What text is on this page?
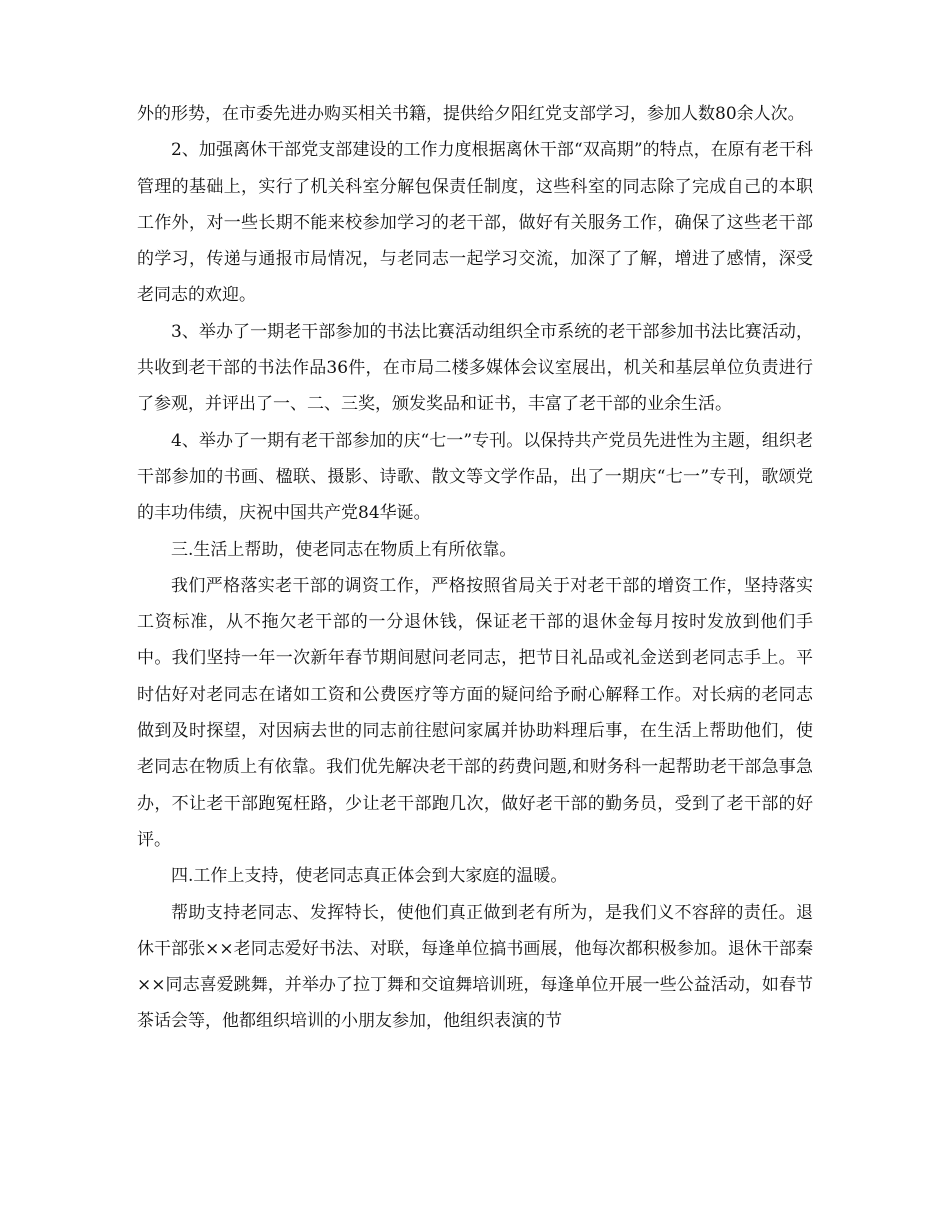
外的形势，在市委先进办购买相关书籍，提供给夕阳红党支部学习，参加人数80余人次。

2、加强离休干部党支部建设的工作力度根据离休干部“双高期”的特点，在原有老干科管理的基础上，实行了机关科室分解包保责任制度，这些科室的同志除了完成自己的本职工作外，对一些长期不能来校参加学习的老干部，做好有关服务工作，确保了这些老干部的学习，传递与通报市局情况，与老同志一起学习交流，加深了了解，增进了感情，深受老同志的欢迎。

3、举办了一期老干部参加的书法比赛活动组织全市系统的老干部参加书法比赛活动，共收到老干部的书法作品36件，在市局二楼多媒体会议室展出，机关和基层单位负责进行了参观，并评出了一、二、三奖，颁发奖品和证书，丰富了老干部的业余生活。

4、举办了一期有老干部参加的庆“七一”专刊。以保持共产党员先进性为主题，组织老干部参加的书画、楹联、摄影、诗歌、散文等文学作品，出了一期庆“七一”专刊，歌颂党的丰功伟绩，庆祝中国共产党84华诞。

三.生活上帮助，使老同志在物质上有所依靠。

我们严格落实老干部的调资工作，严格按照省局关于对老干部的增资工作，坚持落实工资标准，从不拖欠老干部的一分退休钱，保证老干部的退休金每月按时发放到他们手中。我们坚持一年一次新年春节期间慰问老同志，把节日礼品或礼金送到老同志手上。平时估好对老同志在诸如工资和公费医疗等方面的疑问给予耐心解释工作。对长病的老同志做到及时探望，对因病去世的同志前往慰问家属并协助料理后事，在生活上帮助他们，使老同志在物质上有依靠。我们优先解决老干部的药费问题,和财务科一起帮助老干部急事急办，不让老干部跑冤枉路，少让老干部跑几次，做好老干部的勤务员，受到了老干部的好评。

四.工作上支持，使老同志真正体会到大家庭的温暖。

帮助支持老同志、发挥特长，使他们真正做到老有所为，是我们义不容辞的责任。退休干部张××老同志爱好书法、对联，每逢单位搞书画展，他每次都积极参加。退休干部秦××同志喜爱跳舞，并举办了拉丁舞和交谊舞培训班，每逢单位开展一些公益活动，如春节茶话会等，他都组织培训的小朋友参加，他组织表演的节
